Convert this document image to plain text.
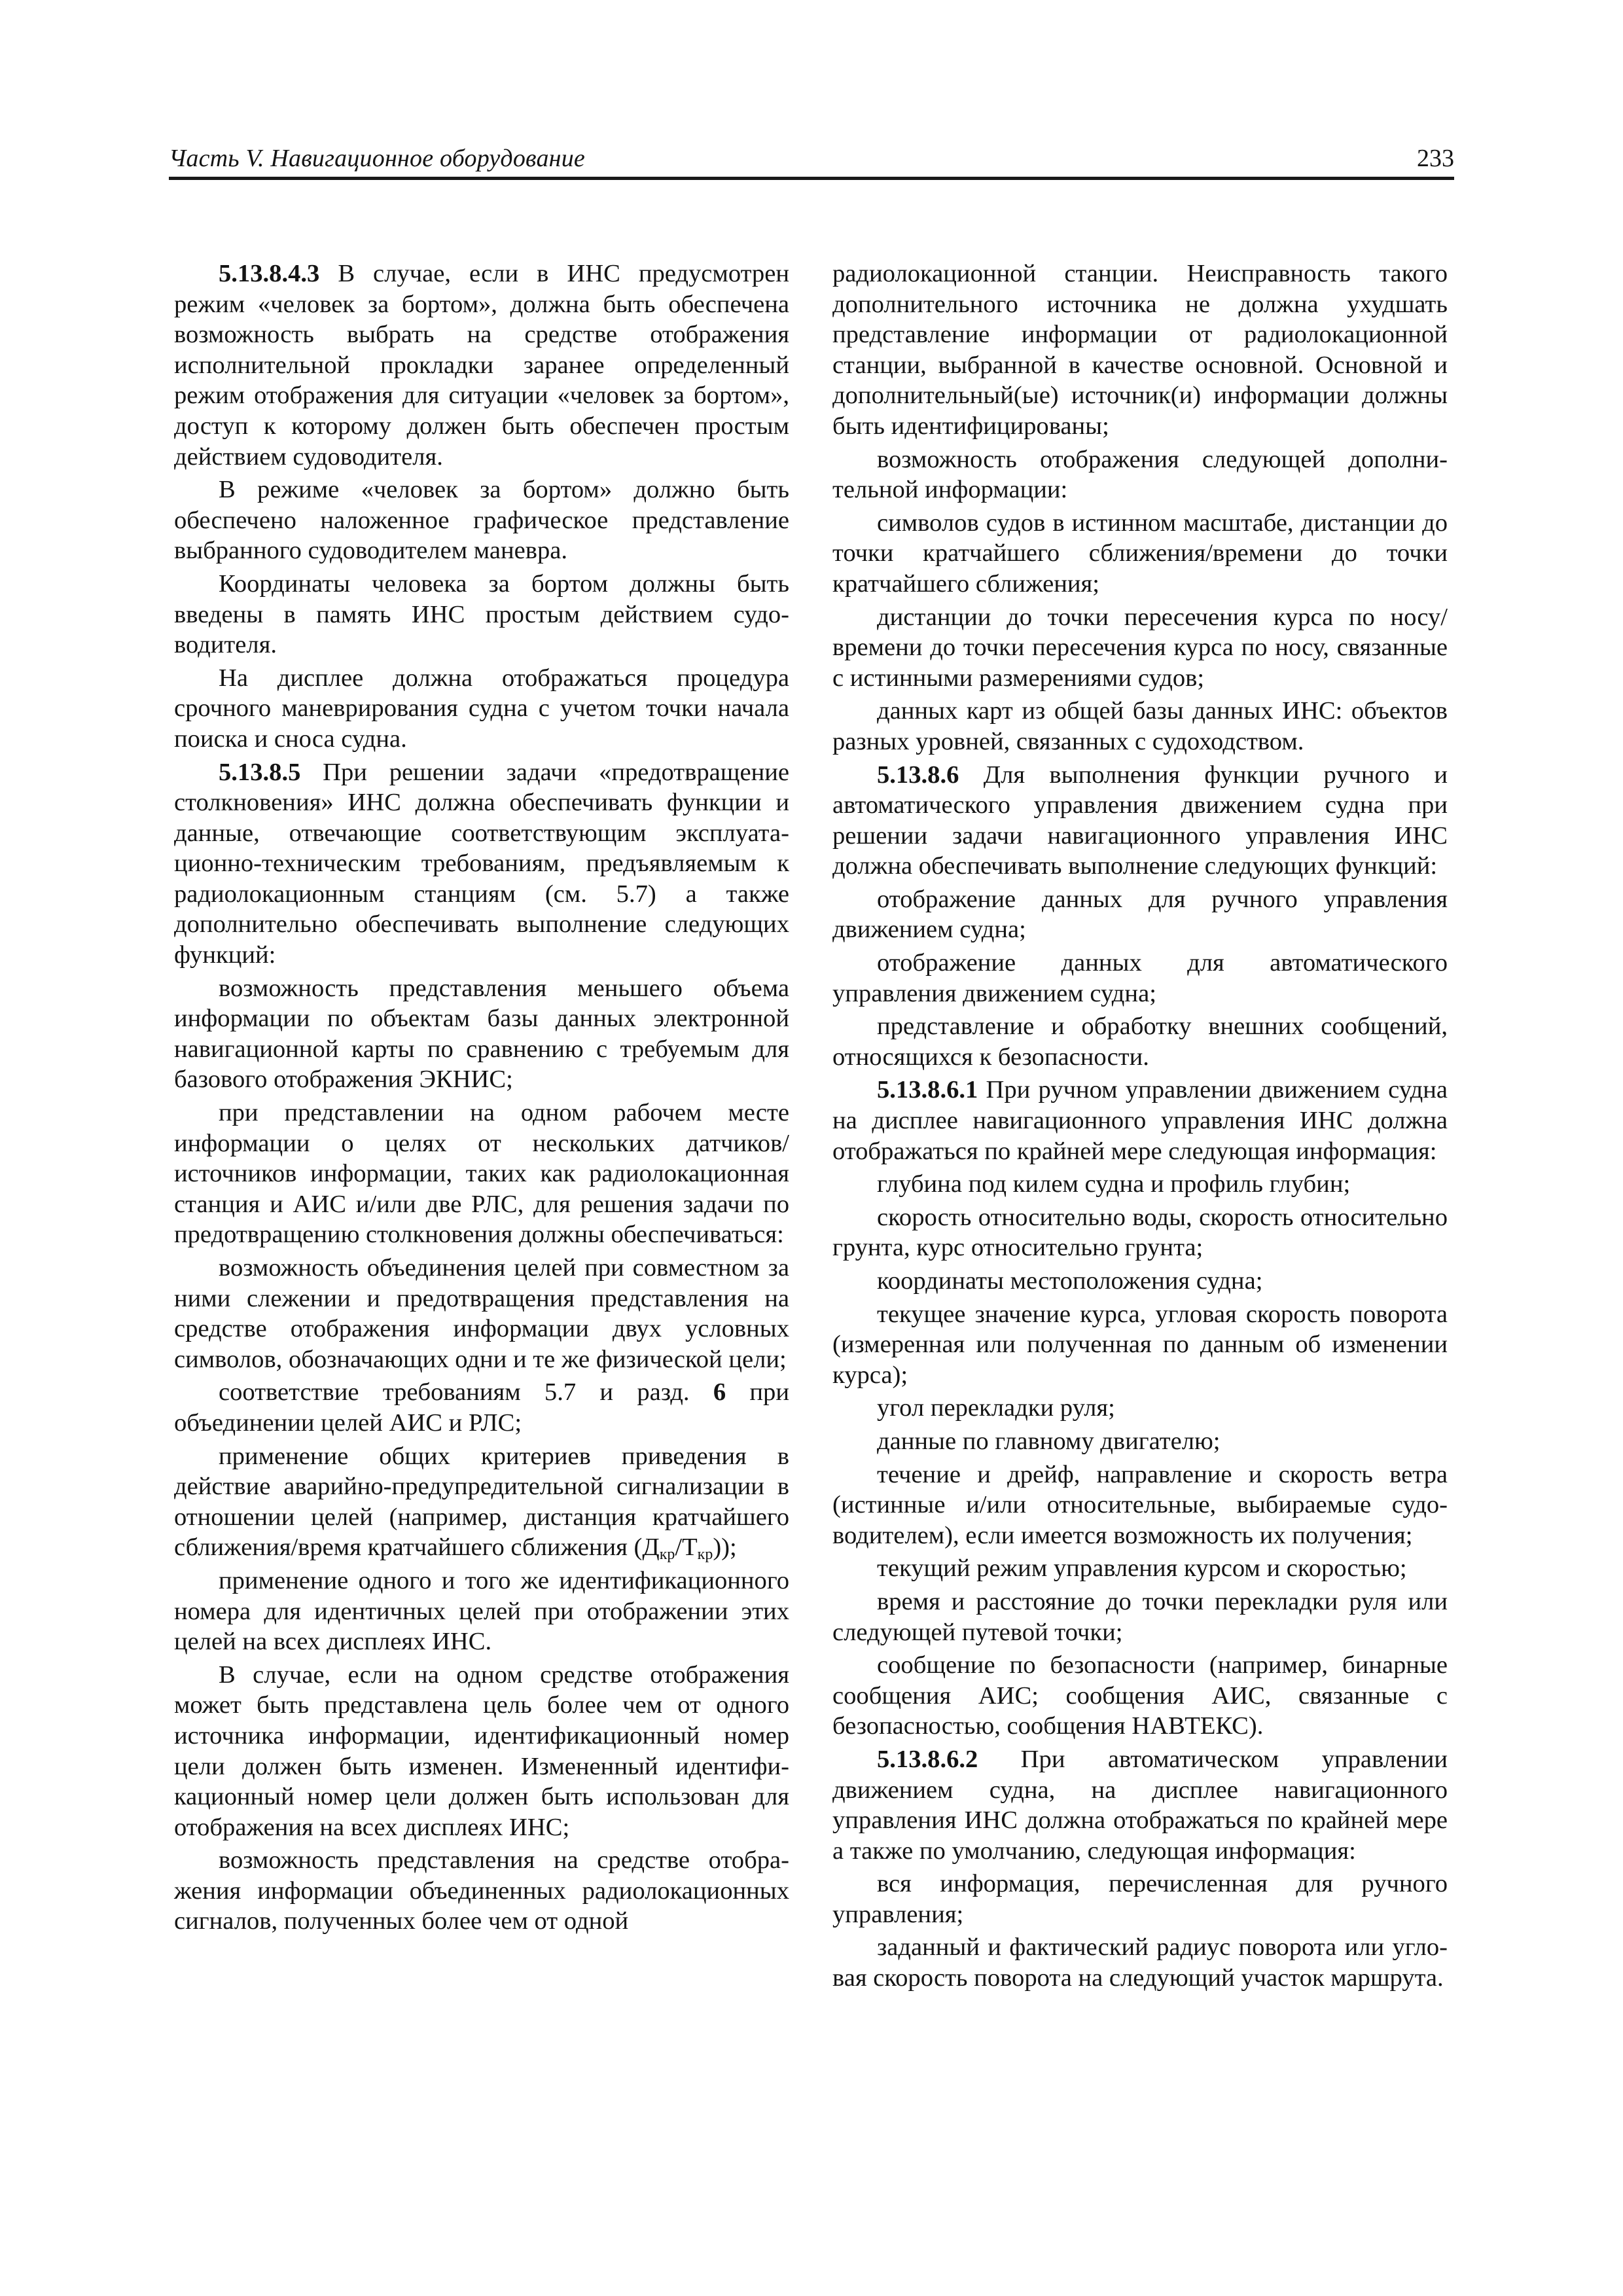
Часть V. Навигационное оборудование	233

5.13.8.4.3 В случае, если в ИНС предусмотрен режим «человек за бортом», должна быть обеспечена возможность выбрать на средстве отображения исполнительной прокладки заранее определенный режим отображения для ситуации «человек за бортом», доступ к которому должен быть обеспечен простым действием судоводителя.

В режиме «человек за бортом» должно быть обеспечено наложенное графическое представление выбранного судоводителем маневра.

Координаты человека за бортом должны быть введены в память ИНС простым действием судоводителя.

На дисплее должна отображаться процедура срочного маневрирования судна с учетом точки начала поиска и сноса судна.

5.13.8.5 При решении задачи «предотвращение столкновения» ИНС должна обеспечивать функции и данные, отвечающие соответствующим эксплуатационно-техническим требованиям, предъявляемым к радиолокационным станциям (см. 5.7) а также дополнительно обеспечивать выполнение следующих функций:

возможность представления меньшего объема информации по объектам базы данных электронной навигационной карты по сравнению с требуемым для базового отображения ЭКНИС;

при представлении на одном рабочем месте информации о целях от нескольких датчиков/ источников информации, таких как радиолокационная станция и АИС и/или две РЛС, для решения задачи по предотвращению столкновения должны обеспечиваться:

возможность объединения целей при совместном за ними слежении и предотвращения представления на средстве отображения информации двух условных символов, обозначающих одни и те же физической цели;

соответствие требованиям 5.7 и разд. 6 при объединении целей АИС и РЛС;

применение общих критериев приведения в действие аварийно-предупредительной сигнализации в отношении целей (например, дистанция кратчайшего сближения/время кратчайшего сближения $(Д_{кр}/Т_{кр})$);

применение одного и того же идентификационного номера для идентичных целей при отображении этих целей на всех дисплеях ИНС.

В случае, если на одном средстве отображения может быть представлена цель более чем от одного источника информации, идентификационный номер цели должен быть изменен. Измененный идентификационный номер цели должен быть использован для отображения на всех дисплеях ИНС;

возможность представления на средстве отображения информации объединенных радиолокационных сигналов, полученных более чем от одной

радиолокационной станции. Неисправность такого дополнительного источника не должна ухудшать представление информации от радиолокационной станции, выбранной в качестве основной. Основной и дополнительный(ые) источник(и) информации должны быть идентифицированы;

возможность отображения следующей дополнительной информации:

символов судов в истинном масштабе, дистанции до точки кратчайшего сближения/времени до точки кратчайшего сближения;

дистанции до точки пересечения курса по носу/ времени до точки пересечения курса по носу, связанные с истинными размерениями судов;

данных карт из общей базы данных ИНС: объектов разных уровней, связанных с судоходством.

5.13.8.6 Для выполнения функции ручного и автоматического управления движением судна при решении задачи навигационного управления ИНС должна обеспечивать выполнение следующих функций:

отображение данных для ручного управления движением судна;

отображение данных для автоматического управления движением судна;

представление и обработку внешних сообщений, относящихся к безопасности.

5.13.8.6.1 При ручном управлении движением судна на дисплее навигационного управления ИНС должна отображаться по крайней мере следующая информация:

глубина под килем судна и профиль глубин;

скорость относительно воды, скорость относительно грунта, курс относительно грунта;

координаты местоположения судна;

текущее значение курса, угловая скорость поворота (измеренная или полученная по данным об изменении курса);

угол перекладки руля;

данные по главному двигателю;

течение и дрейф, направление и скорость ветра (истинные и/или относительные, выбираемые судоводителем), если имеется возможность их получения;

текущий режим управления курсом и скоростью;

время и расстояние до точки перекладки руля или следующей путевой точки;

сообщение по безопасности (например, бинарные сообщения АИС; сообщения АИС, связанные с безопасностью, сообщения НАВТЕКС).

5.13.8.6.2 При автоматическом управлении движением судна, на дисплее навигационного управления ИНС должна отображаться по крайней мере а также по умолчанию, следующая информация:

вся информация, перечисленная для ручного управления;

заданный и фактический радиус поворота или угловая скорость поворота на следующий участок маршрута.
